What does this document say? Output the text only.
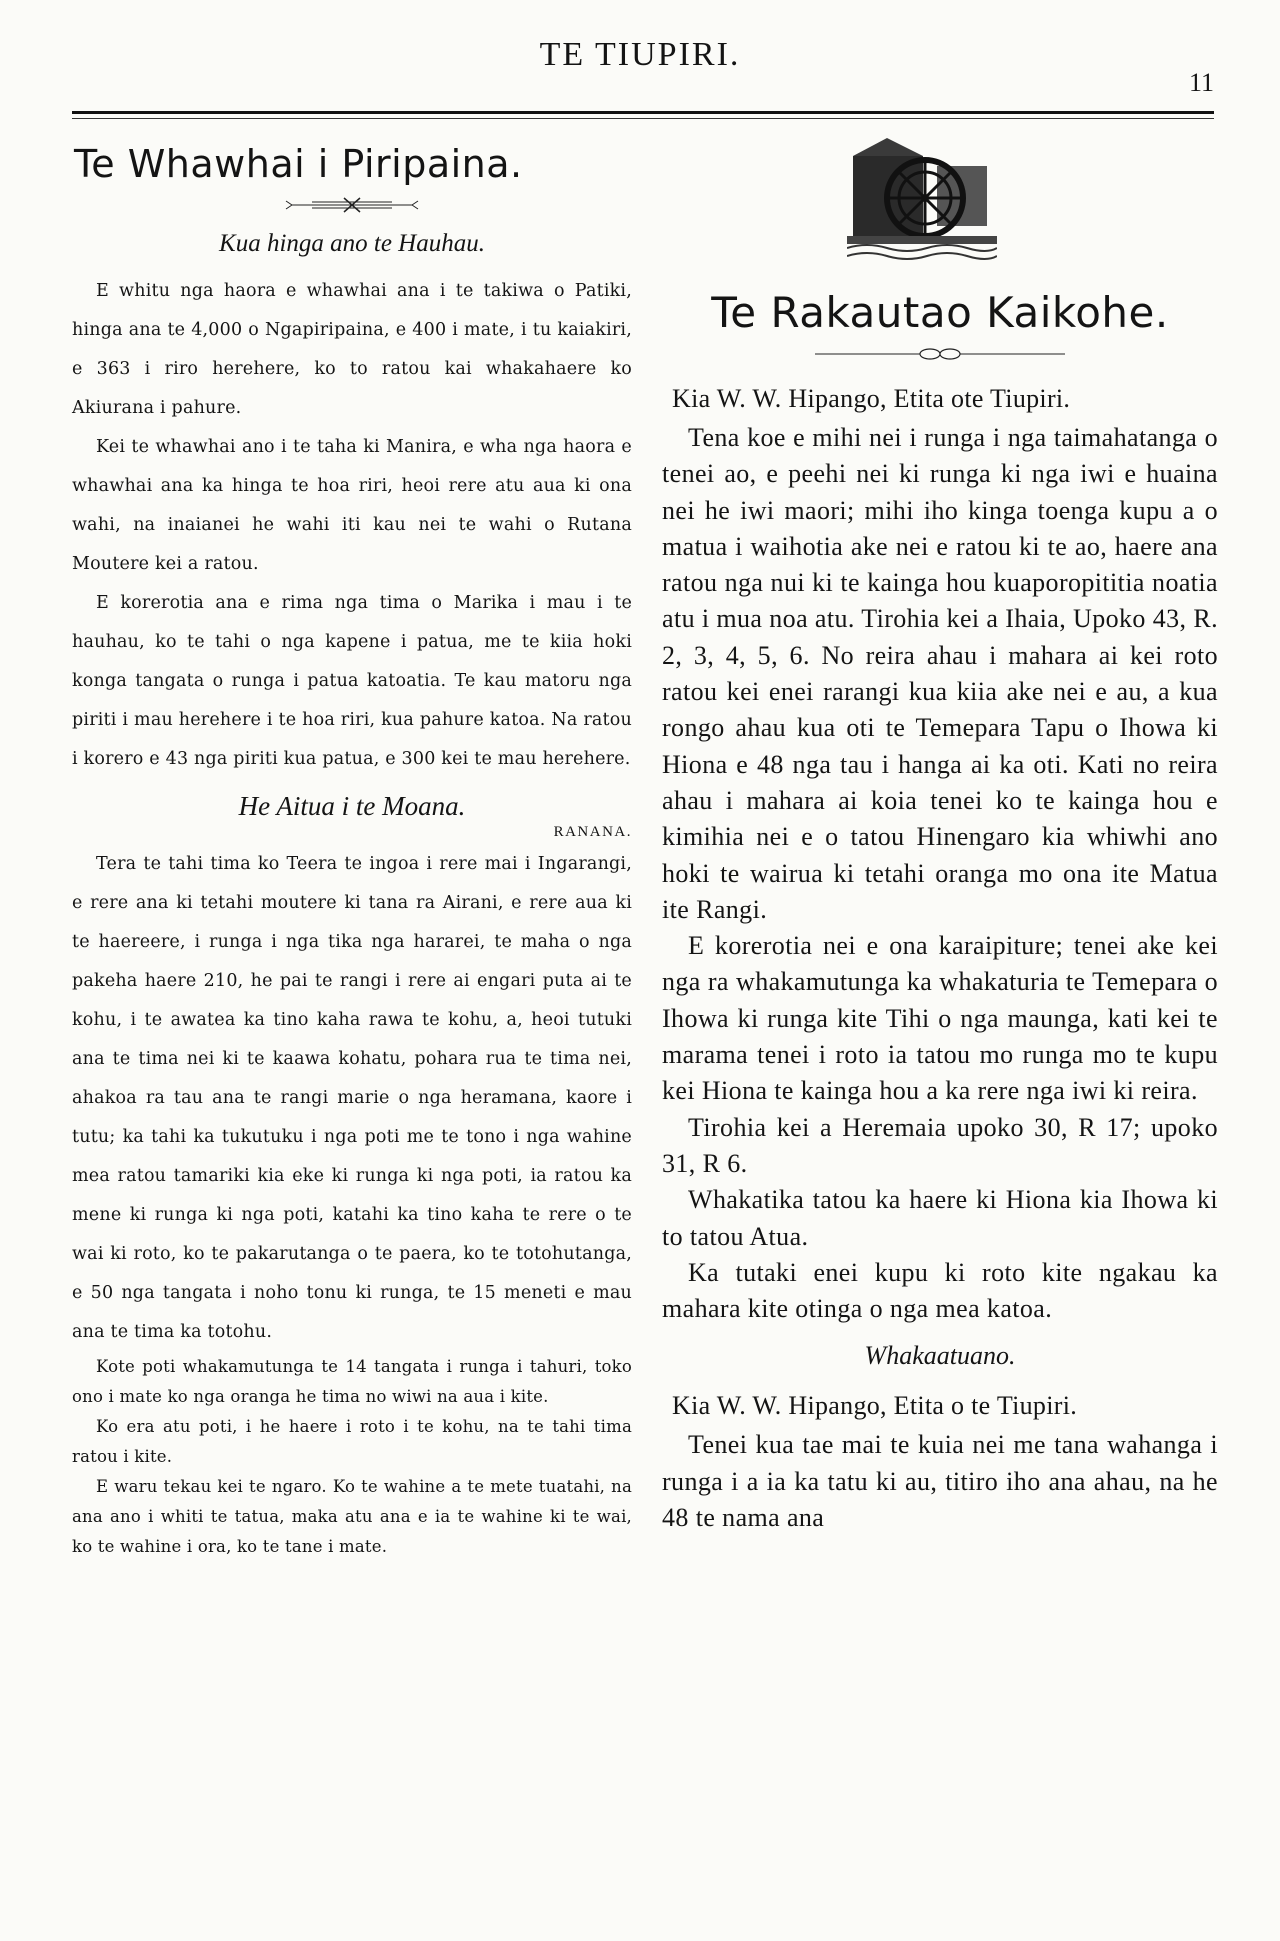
TE TIUPIRI.
11
Te Whawhai i Piripaina.
Kua hinga ano te Hauhau.

E whitu nga haora e whawhai ana i te takiwa o Patiki, hinga ana te 4,000 o Ngapiripaina, e 400 i mate, i tu kaiakiri, e 363 i riro herehere, ko to ratou kai whakahaere ko Akiurana i pahure.

Kei te whawhai ano i te taha ki Manira, e wha nga haora e whawhai ana ka hinga te hoa riri, heoi rere atu aua ki ona wahi, na inaianei he wahi iti kau nei te wahi o Rutana Moutere kei a ratou.

E korerotia ana e rima nga tima o Marika i mau i te hauhau, ko te tahi o nga kapene i patua, me te kiia hoki konga tangata o runga i patua katoatia. Te kau matoru nga piriti i mau herehere i te hoa riri, kua pahure katoa. Na ratou i korero e 43 nga piriti kua patua, e 300 kei te mau herehere.

He Aitua i te Moana.
RANANA.

Tera te tahi tima ko Teera te ingoa i rere mai i Ingarangi, e rere ana ki tetahi moutere ki tana ra Airani, e rere aua ki te haereere, i runga i nga tika nga hararei, te maha o nga pakeha haere 210, he pai te rangi i rere ai engari puta ai te kohu, i te awatea ka tino kaha rawa te kohu, a, heoi tutuki ana te tima nei ki te kaawa kohatu, pohara rua te tima nei, ahakoa ra tau ana te rangi marie o nga heramana, kaore i tutu; ka tahi ka tukutuku i nga poti me te tono i nga wahine mea ratou tamariki kia eke ki runga ki nga poti, ia ratou ka mene ki runga ki nga poti, katahi ka tino kaha te rere o te wai ki roto, ko te pakarutanga o te paera, ko te totohutanga, e 50 nga tangata i noho tonu ki runga, te 15 meneti e mau ana te tima ka totohu.

Kote poti whakamutunga te 14 tangata i runga i tahuri, toko ono i mate ko nga oranga he tima no wiwi na aua i kite.

Ko era atu poti, i he haere i roto i te kohu, na te tahi tima ratou i kite.

E waru tekau kei te ngaro. Ko te wahine a te mete tuatahi, na ana ano i whiti te tatua, maka atu ana e ia te wahine ki te wai, ko te wahine i ora, ko te tane i mate.

Te Rakautao Kaikohe.
Kia W. W. Hipango, Etita ote Tiupiri.

Tena koe e mihi nei i runga i nga taimahatanga o tenei ao, e peehi nei ki runga ki nga iwi e huaina nei he iwi maori; mihi iho kinga toenga kupu a o matua i waihotia ake nei e ratou ki te ao, haere ana ratou nga nui ki te kainga hou kuaporopititia noatia atu i mua noa atu. Tirohia kei a Ihaia, Upoko 43, R. 2, 3, 4, 5, 6. No reira ahau i mahara ai kei roto ratou kei enei rarangi kua kiia ake nei e au, a kua rongo ahau kua oti te Temepara Tapu o Ihowa ki Hiona e 48 nga tau i hanga ai ka oti. Kati no reira ahau i mahara ai koia tenei ko te kainga hou e kimihia nei e o tatou Hinengaro kia whiwhi ano hoki te wairua ki tetahi oranga mo ona ite Matua ite Rangi.

E korerotia nei e ona karaipiture; tenei ake kei nga ra whakamutunga ka whakaturia te Temepara o Ihowa ki runga kite Tihi o nga maunga, kati kei te marama tenei i roto ia tatou mo runga mo te kupu kei Hiona te kainga hou a ka rere nga iwi ki reira.

Tirohia kei a Heremaia upoko 30, R 17; upoko 31, R 6.

Whakatika tatou ka haere ki Hiona kia Ihowa ki to tatou Atua.

Ka tutaki enei kupu ki roto kite ngakau ka mahara kite otinga o nga mea katoa.

Whakaatuano.
Kia W. W. Hipango, Etita o te Tiupiri.

Tenei kua tae mai te kuia nei me tana wahanga i runga i a ia ka tatu ki au, titiro iho ana ahau, na he 48 te nama ana
